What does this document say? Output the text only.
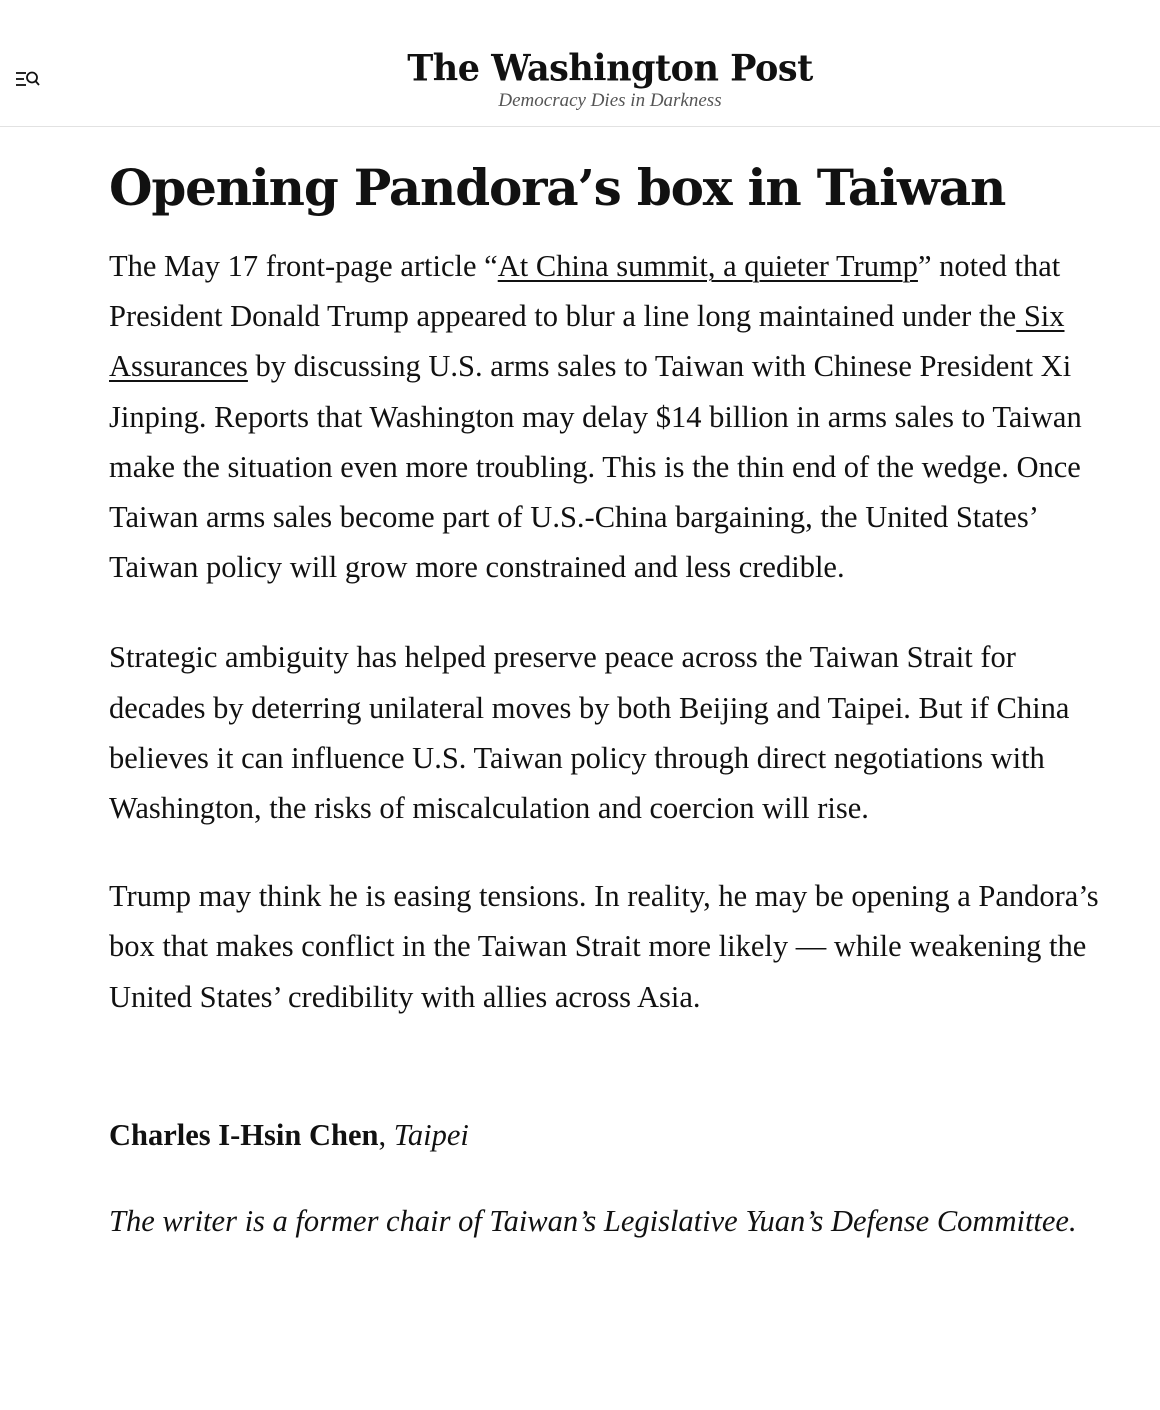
The Washington Post
Democracy Dies in Darkness
Opening Pandora’s box in Taiwan

The May 17 front-page article “At China summit, a quieter Trump” noted that President Donald Trump appeared to blur a line long maintained under the Six Assurances by discussing U.S. arms sales to Taiwan with Chinese President Xi Jinping. Reports that Washington may delay $14 billion in arms sales to Taiwan make the situation even more troubling. This is the thin end of the wedge. Once Taiwan arms sales become part of U.S.-China bargaining, the United States’ Taiwan policy will grow more constrained and less credible.

Strategic ambiguity has helped preserve peace across the Taiwan Strait for decades by deterring unilateral moves by both Beijing and Taipei. But if China believes it can influence U.S. Taiwan policy through direct negotiations with Washington, the risks of miscalculation and coercion will rise.

Trump may think he is easing tensions. In reality, he may be opening a Pandora’s box that makes conflict in the Taiwan Strait more likely — while weakening the United States’ credibility with allies across Asia.

Charles I-Hsin Chen, Taipei
The writer is a former chair of Taiwan’s Legislative Yuan’s Defense Committee.
